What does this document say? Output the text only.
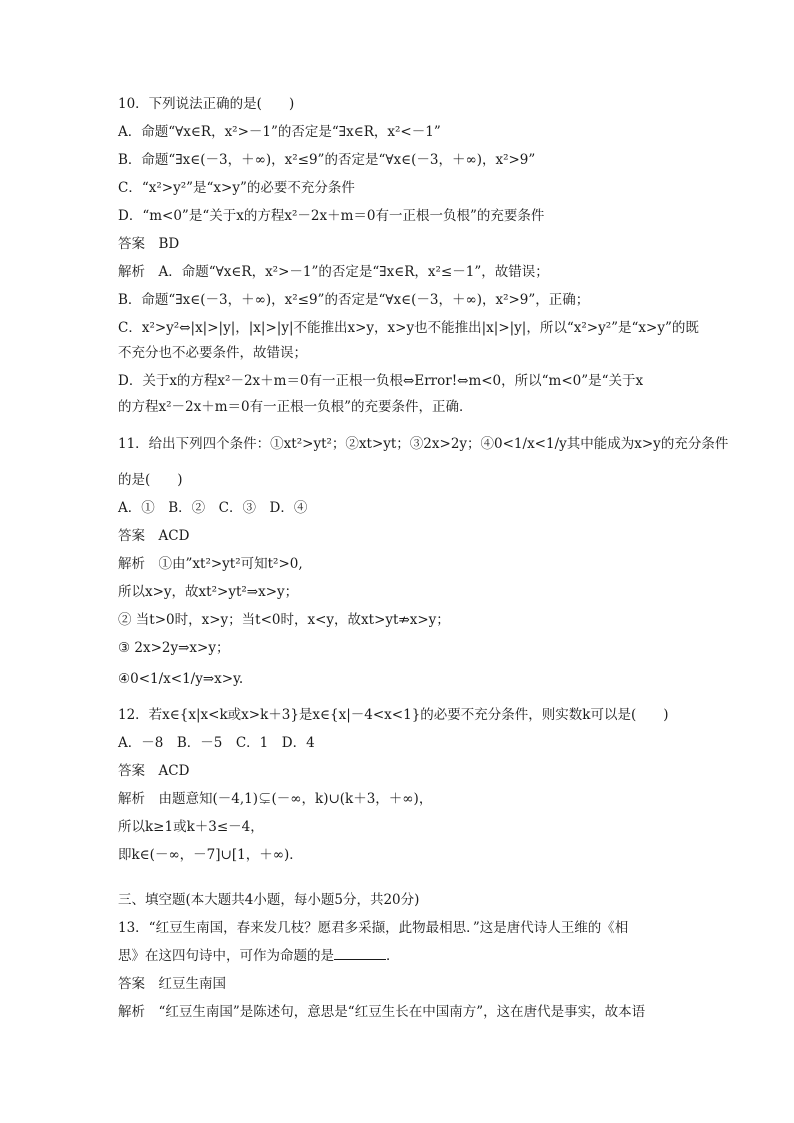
10．下列说法正确的是(　　)
A．命题“∀x∈R，x²>－1”的否定是“∃x∈R，x²<－1”
B．命题“∃x∈(－3，＋∞)，x²≤9”的否定是“∀x∈(－3，＋∞)，x²>9”
C．“x²>y²”是“x>y”的必要不充分条件
D．“m<0”是“关于x的方程x²－2x＋m＝0有一正根一负根”的充要条件
答案　BD
解析　A．命题“∀x∈R，x²>－1”的否定是“∃x∈R，x²≤－1”，故错误；
B．命题“∃x∈(－3，＋∞)，x²≤9”的否定是“∀x∈(－3，＋∞)，x²>9”，正确；
C．x²>y²⇔|x|>|y|，|x|>|y|不能推出x>y，x>y也不能推出|x|>|y|，所以“x²>y²”是“x>y”的既
不充分也不必要条件，故错误；
D．关于x的方程x²－2x＋m＝0有一正根一负根⇔Error!⇔m<0，所以“m<0”是“关于x
的方程x²－2x＋m＝0有一正根一负根”的充要条件，正确．
11．给出下列四个条件：①xt²>yt²；②xt>yt；③2x>2y；④0<1/x<1/y其中能成为x>y的充分条件
的是(　　)
A．①　B．②　C．③　D．④
答案　ACD
解析　①由”xt²>yt²可知t²>0,
所以x>y，故xt²>yt²⇒x>y；
② 当t>0时，x>y；当t<0时，x<y，故xt>yt⇏x>y；
③ 2x>2y⇒x>y；
④0<1/x<1/y⇒x>y.
12．若x∈{x|x<k或x>k＋3}是x∈{x|－4<x<1}的必要不充分条件，则实数k可以是(　　)
A．－8　B．－5　C．1　D．4
答案　ACD
解析　由题意知(－4,1)⊊(－∞，k)∪(k＋3，＋∞)，
所以k≥1或k＋3≤－4，
即k∈(－∞，－7]∪[1，＋∞)．
三、填空题(本大题共4小题，每小题5分，共20分)
13．“红豆生南国，春来发几枝？愿君多采撷，此物最相思．”这是唐代诗人王维的《相
思》在这四句诗中，可作为命题的是	．
答案　红豆生南国
解析　“红豆生南国”是陈述句，意思是“红豆生长在中国南方”，这在唐代是事实，故本语
